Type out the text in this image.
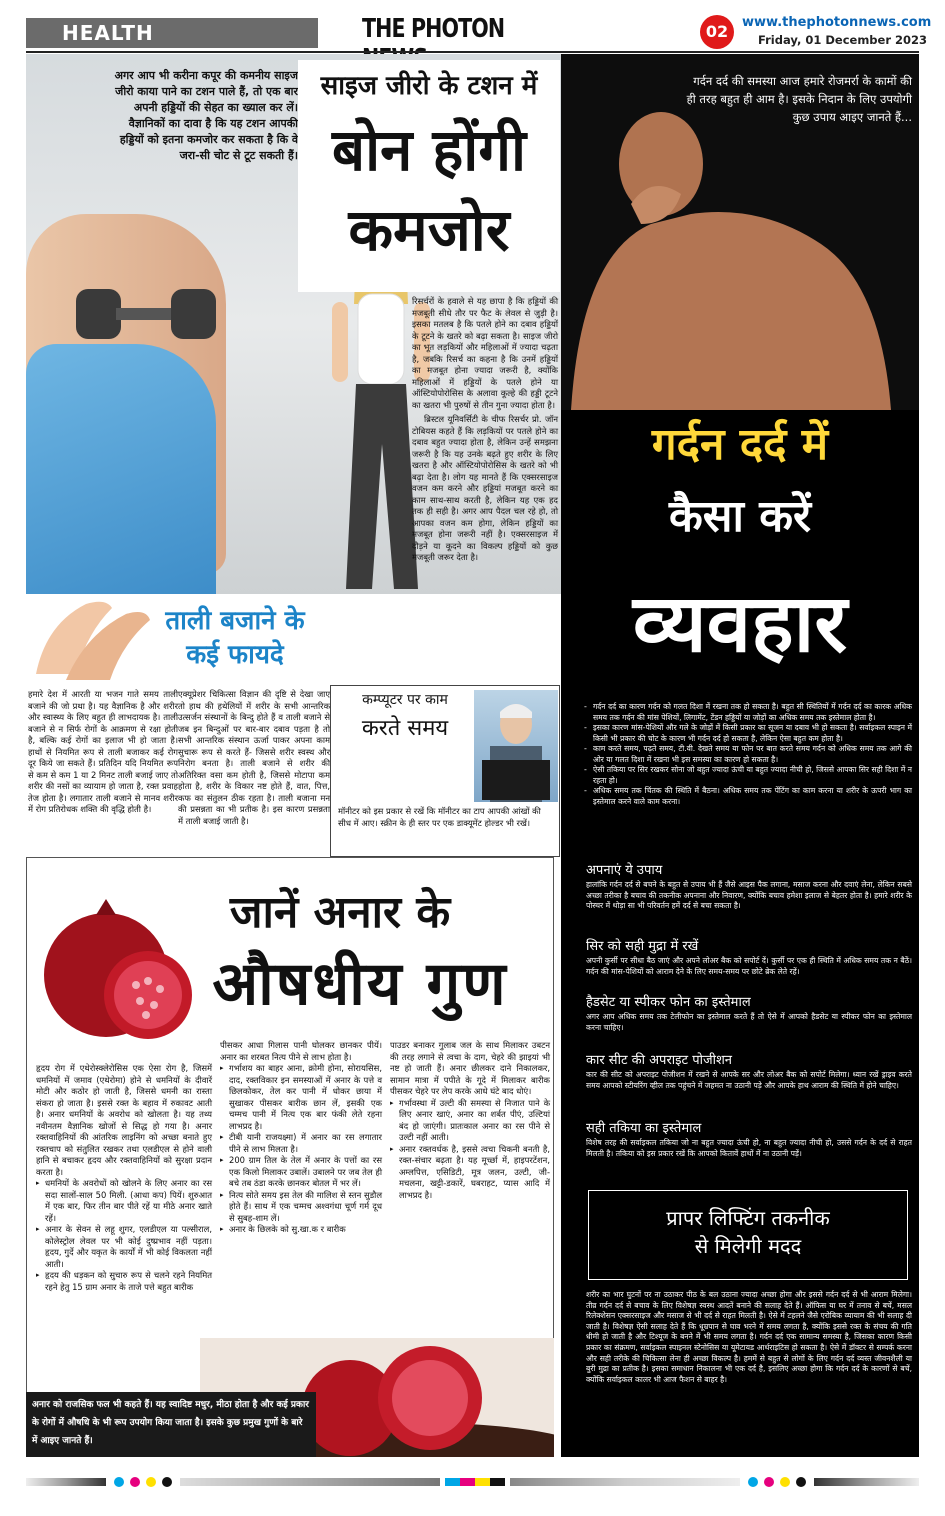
HEALTH	THE PHOTON	02	www.thephotonnews.com
Friday, 01 December 2023
अगर आप भी करीना कपूर की कमनीय साइज जीरो काया पाने का टशन पाले हैं, तो एक बार अपनी हड्डियों की सेहत का ख्याल कर लें। वैज्ञानिकों का दावा है कि यह टशन आपकी हड्डियों को इतना कमजोर कर सकता है कि वे जरा-सी चोट से टूट सकती हैं।
साइज जीरो के टशन में
बोन होंगी
कमजोर

रिसर्चरों के हवाले से यह छापा है कि हड्डियों की मजबूती सीधे तौर पर फैट के लेवल से जुड़ी है। इसका मतलब है कि पतले होने का दबाव हड्डियों के टूटने के खतरे को बढ़ा सकता है। साइज जीरो का भूत लड़कियों और महिलाओं में ज्यादा चढ़ता है, जबकि रिसर्च का कहना है कि उनमें हड्डियों का मजबूत होना ज्यादा जरूरी है, क्योंकि महिलाओं में हड्डियों के पतले होने या ऑस्टियोपोरोसिस के अलावा कूल्हे की हड्डी टूटने का खतरा भी पुरुषों से तीन गुना ज्यादा होता है।

ब्रिस्टल यूनिवर्सिटी के चीफ रिसर्चर प्रो. जॉन टोबियस कहते हैं कि लड़कियों पर पतले होने का दबाव बहुत ज्यादा होता है, लेकिन उन्हें समझना जरूरी है कि यह उनके बढ़ते हुए शरीर के लिए खतरा है और ऑस्टियोपोरोसिस के खतरे को भी बढ़ा देता है। लोग यह मानते हैं कि एक्सरसाइज वजन कम करने और हड्डियां मजबूत करने का काम साथ-साथ करती है, लेकिन यह एक हद तक ही सही है। अगर आप पैदल चल रहे हो, तो आपका वजन कम होगा, लेकिन हड्डियों का मजबूत होना जरूरी नहीं है। एक्सरसाइज में दौड़ने या कूदने का विकल्प हड्डियों को कुछ मजबूती जरूर देता है।

ताली बजाने के
कई फायदे

हमारे देश में आरती या भजन गाते समय ताली बजाने की जो प्रथा है। यह वैज्ञानिक है और शरीर और स्वास्थ्य के लिए बहुत ही लाभदायक है। ताली बजाने से न सिर्फ रोगों के आक्रमण से रक्षा होती है, बल्कि कई रोगों का इलाज भी हो जाता है। हाथों से नियमित रूप से ताली बजाकर कई रोग दूर किये जा सकते हैं। प्रतिदिन यदि नियमित रूप से कम से कम 1 या 2 मिनट ताली बजाई जाए तो शरीर की नसों का व्यायाम हो जाता है, रक्त प्रवाह तेज होता है। लगातार ताली बजाने से मानव शरीर में रोग प्रतिरोधक शक्ति की वृद्धि होती है।

एक्यूप्रेशर चिकित्सा विज्ञान की दृष्टि से देखा जाए तो हाथ की हथेलियों में शरीर के सभी आन्तरिक उत्सर्जन संस्थानों के बिन्दु होते हैं व ताली बजाने से जब इन बिन्दुओं पर बार-बार दबाव पड़ता है तो सभी आन्तरिक संस्थान ऊर्जा पाकर अपना काम सुचारू रूप से करते हैं- जिससे शरीर स्वस्थ और निरोग बनता है। ताली बजाने से शरीर की अतिरिक्त वसा कम होती है, जिससे मोटापा कम होता है, शरीर के विकार नष्ट होते हैं, वात, पित्त, कफ का संतुलन ठीक रहता है। ताली बजाना मन की प्रसन्नता का भी प्रतीक है। इस कारण प्रसन्नता में ताली बजाई जाती है।

कम्प्यूटर पर काम
करते समय
मॉनीटर को इस प्रकार से रखें कि मॉनीटर का टाप आपकी आंखों की सीध में आए। स्क्रीन के ही स्तर पर एक डाक्यूमेंट होल्डर भी रखें।
जानें अनार के
औषधीय गुण

हृदय रोग में एथेरोस्क्लेरोसिस एक ऐसा रोग है, जिसमें धमनियों में जमाव (एथेरोमा) होने से धमनियों के दीवारें मोटी और कठोर हो जाती है, जिससे धमनी का रास्ता संकरा हो जाता है। इससे रक्त के बहाव में रुकावट आती है। अनार धमनियों के अवरोध को खोलता है। यह तथ्य नवीनतम वैज्ञानिक खोजों से सिद्ध हो गया है। अनार रक्तवाहिनियों की आंतरिक लाइनिंग को अच्छा बनाते हुए रक्तचाप को संतुलित रखकर तथा एलडीएल से होने वाली हानि से बचाकर हृदय और रक्तवाहिनियों को सुरक्षा प्रदान करता है।

▸ धमनियों के अवरोधों को खोलने के लिए अनार का रस सदा सालों-साल 50 मिली. (आधा कप) पियें। शुरुआत में एक बार, फिर तीन बार पीते रहें या मीठे अनार खाते रहें।
▸ अनार के सेवन से लहू शुगर, एलडीएल या पल्सीराल, कोलेस्ट्रोल लेवल पर भी कोई दुष्प्रभाव नहीं पड़ता। हृदय, गुर्दे और यकृत के कार्यों में भी कोई विकलता नहीं आती।
▸ हृदय की धड़कन को सुचारु रूप से चलने रहने नियमित रहने हेतु 15 ग्राम अनार के ताजे पत्ते बहुत बारीक

पीसकर आधा गिलास पानी घोलकर छानकर पीयें। अनार का शरबत नित्य पीने से लाभ होता है।

▸ गर्भाशय का बाहर आना, क्रोमी होना, सोरायसिस, दाद, रक्तविकार इन समस्याओं में अनार के पत्ते व छिलकोकर, तेल कर पानी में धोकर छाया में सुखाकर पीसकर बारीक छान लें, इसकी एक चम्मच पानी में नित्य एक बार फंकी लेते रहना लाभप्रद है।
▸ टीबी यानी राजयक्ष्मा) में अनार का रस लगातार पीने से लाभ मिलता है।
▸ 200 ग्राम तिल के तेल में अनार के पत्तों का रस एक किलो मिलाकर उबालें। उबालने पर जब तेल ही बचे तब ठंडा करके छानकर बोतल में भर लें।
▸ नित्य सोते समय इस तेल की मालिश से स्तन सुडौल होते हैं। साथ में एक चम्मच अश्वगंधा चूर्ण गर्म दूध से सुबह-शाम लें।
▸ अनार के छिलके को सु.खा.क र बारीक

पाउडर बनाकर गुलाब जल के साथ मिलाकर उबटन की तरह लगाने से त्वचा के दाग, चेहरे की झाइयां भी नष्ट हो जाती हैं। अनार छीलकर दाने निकालकर, सामान मात्रा में पपीते के गूदे में मिलाकर बारीक पीसकर चेहरे पर लेप करके आधे घंटे बाद धोएं।

▸ गर्भावस्था में उल्टी की समस्या से निजात पाने के लिए अनार खाएं, अनार का शर्बत पीएं, उल्टियां बंद हो जाएंगी। प्रातःकाल अनार का रस पीने से उल्टी नहीं आती।
▸ अनार रक्तवर्धक है, इससे त्वचा चिकनी बनती है, रक्त-संचार बढ़ता है। यह मूर्च्छा में, हाइपरटेंशन, अम्लपित्त, एसिडिटी, मूत्र जलन, उल्टी, जी-मचलना, खट्टी-डकारें, घबराहट, प्यास आदि में लाभप्रद है।
अनार को राजसिक फल भी कहते हैं। यह स्वादिष्ट मधुर, मीठा होता है और कई प्रकार के रोगों में औषधि के भी रूप उपयोग किया जाता है। इसके कुछ प्रमुख गुणों के बारे में आइए जानते हैं।
गर्दन दर्द की समस्या आज हमारे रोजमर्रा के कामों की ही तरह बहुत ही आम है। इसके निदान के लिए उपयोगी कुछ उपाय आइए जानते हैं...
गर्दन दर्द में
कैसा करें
व्यवहार
- गर्दन दर्द का कारण गर्दन को गलत दिशा में रखना तक हो सकता है। बहुत सी स्थितियों में गर्दन दर्द का कारक अधिक समय तक गर्दन की मांस पेशियों, लिगामेंट, टेंडन हड्डियों या जोड़ों का अधिक समय तक इस्तेमाल होता है।
- इसका कारण मांस-पेशियों और गले के जोड़ों में किसी प्रकार का सूजन या दबाव भी हो सकता है। सर्वाइकल स्पाइन में किसी भी प्रकार की चोट के कारण भी गर्दन दर्द हो सकता है, लेकिन ऐसा बहुत कम होता है।
- काम करते समय, पढ़ते समय, टी.वी. देखते समय या फोन पर बात करते समय गर्दन को अधिक समय तक आगे की ओर या गलत दिशा में रखना भी इस समस्या का कारण हो सकता है।
- ऐसी तकिया पर सिर रखकर सोना जो बहुत ज्यादा ऊंची या बहुत ज्यादा नीची हो, जिससे आपका सिर सही दिशा में न रहता हो।
- अधिक समय तक चिंतक की स्थिति में बैठना। अधिक समय तक पेंटिंग का काम करना या शरीर के ऊपरी भाग का इस्तेमाल करने वाले काम करना।
अपनाएं ये उपाय
हालांकि गर्दन दर्द से बचने के बहुत से उपाय भी हैं जैसे आइस पैक लगाना, मसाज करना और दवाएं लेना, लेकिन सबसे अच्छा तरीका है बचाव की तकनीक अपनाना और निवारण, क्योंकि बचाव हमेशा इलाज से बेहतर होता है। हमारे शरीर के पोस्चर में थोड़ा सा भी परिवर्तन हमें दर्द से बचा सकता है।
सिर को सही मुद्रा में रखें
अपनी कुर्सी पर सीधा बैठ जाएं और अपने लोअर बैक को सपोर्ट दें। कुर्सी पर एक ही स्थिति में अधिक समय तक न बैठें। गर्दन की मांस-पेशियों को आराम देने के लिए समय-समय पर छोटे ब्रेक लेते रहें।
हैडसेट या स्पीकर फोन का इस्तेमाल
अगर आप अधिक समय तक टेलीफोन का इस्तेमाल करते हैं तो ऐसे में आपको हैडसेट या स्पीकर फोन का इस्तेमाल करना चाहिए।
कार सीट की अपराइट पोजीशन
कार की सीट को अपराइट पोजीशन में रखने से आपके सर और लोअर बैक को सपोर्ट मिलेगा। ध्यान रखें ड्राइव करते समय आपको स्टीयरिंग व्हील तक पहुंचने में जहमत ना उठानी पड़े और आपके हाथ आराम की स्थिति में होने चाहिए।
सही तकिया का इस्तेमाल
विशेष तरह की सर्वाइकल तकिया जो ना बहुत ज्यादा ऊंची हो, ना बहुत ज्यादा नीची हो, उससे गर्दन के दर्द से राहत मिलती है। तकिया को इस प्रकार रखें कि आपको कितावें हाथों में ना उठानी पड़ें।
प्रापर लिफ्टिंग तकनीक
से मिलेगी मदद
शरीर का भार घुटनों पर ना उठाकर पीठ के बल उठाना ज्यादा अच्छा होगा और इससे गर्दन दर्द से भी आराम मिलेगा। तीव्र गर्दन दर्द से बचाव के लिए विशेषज्ञ स्वस्थ आदतें बनाने की सलाह देते हैं। ऑफिस या घर में तनाव से बचें, मसल रिलेक्शेसन एक्सरसाइज और मसाज से भी दर्द से राहत मिलती है। ऐसे में टहलने जैसे एरोबिक व्यायाम की भी सलाह दी जाती है। विशेषज्ञ ऐसी सलाह देते हैं कि धूम्रपान से घाव भरने में समय लगता है, क्योंकि इससे रक्त के संचय की गति धीमी हो जाती है और टिश्यूज के बनने में भी समय लगता है। गर्दन दर्द एक सामान्य समस्या है, जिसका कारण किसी प्रकार का संक्रमण, सर्वाइकल स्पाइनल स्टेनोसिस या यूमेटायड आर्थराइटिस हो सकता है। ऐसे में डॉक्टर से सम्पर्क करना और सही तरीके की चिकित्सा लेना ही अच्छा विकल्प है। हममें से बहुत से लोगों के लिए गर्दन दर्द व्यस्त जीवनशैली या बुरी मुद्रा का प्रतीक है। इसका समाधान निकालना भी एक दर्द है, इसलिए अच्छा होगा कि गर्दन दर्द के कारणों से बचें, क्योंकि सर्वाइकल कालर भी आज फैशन से बाहर है।
